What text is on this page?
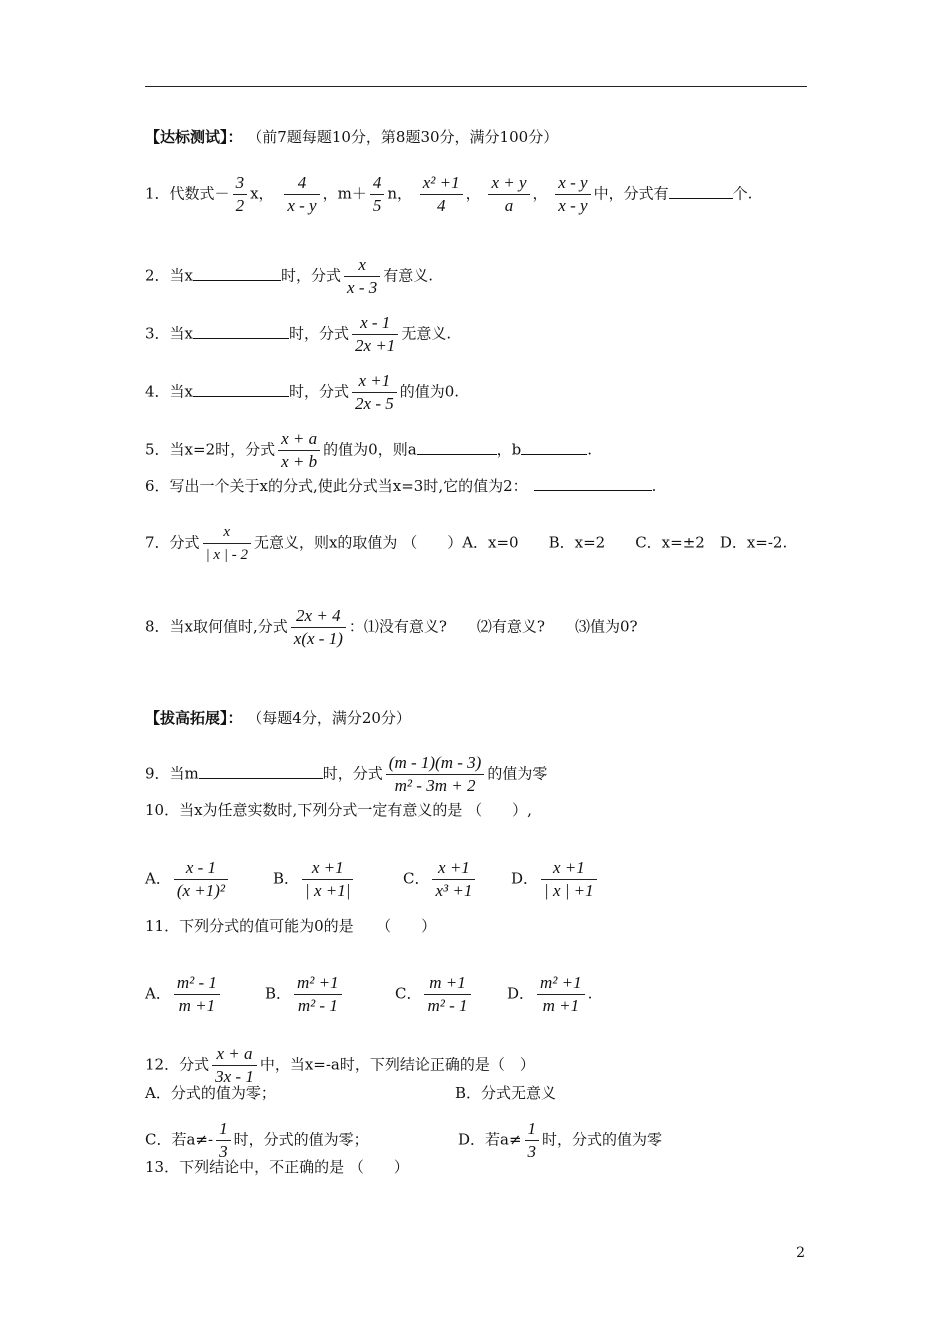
【达标测试】： （前7题每题10分，第8题30分，满分100分）
1．代数式－ $\frac{3}{2}$ x， $\frac{4}{x - y}$ ，$m+ \frac{4}{5}$ n， $\frac{\text{x² +1}}{4}$ ， $\frac{x + y}{a}$ ， $\frac{x - y}{x - y}$ 中，分式有	个.
2．当x	时，分式 $\frac{x}{x - 3}$ 有意义.
3．当x	时，分式 $\frac{x - 1}{2x +1}$ 无意义.
4．当x	时，分式 $\frac{x +1}{2x - 5}$ 的值为0.
5．当x=2时，分式 $\frac{x + a}{x + b}$ 的值为0，则a	，b	.
6．写出一个关于x的分式,使此分式当x=3时,它的值为2：	.
7．分式 $\frac{x}{| x | - 2}$ 无意义，则x的取值为 （　　）A．x=0　　B．x=2　　C．x=±2　D．x=-2.
8．当x取何值时,分式 $\frac{2x + 4}{x(x - 1)}$ ：⑴没有意义?　　⑵有意义?　　⑶值为0?
【拔高拓展】： （每题4分，满分20分）
9．当m	时，分式 $\frac{(m - 1)(m - 3)}{\text{m² - 3m + 2}}$ 的值为零
10．当x为任意实数时,下列分式一定有意义的是 （　　）,
A． $\frac{x - 1}{\text{(x +1)²}}$	B． $\frac{x +1}{| x +1|}$	C． $\frac{x +1}{\text{x³ +1}}$ D． $\frac{x +1}{| x | +1}$
11．下列分式的值可能为0的是　　（　　）
A． $\frac{\text{m² - 1}}{m +1}$	B． $\frac{\text{m² +1}}{\text{m² - 1}}$	C． $\frac{m +1}{\text{m² - 1}}$ D． $\frac{\text{m² +1}}{m +1}$ .
12．分式 $\frac{x + a}{3x - 1}$ 中，当x=-a时，下列结论正确的是（　）
A．分式的值为零；	B．分式无意义
C．若$a\ne- \frac{1}{3}$ 时，分式的值为零；	D．若$a\ne \frac{1}{3}$ 时，分式的值为零
13．下列结论中，不正确的是 （　　）
2
